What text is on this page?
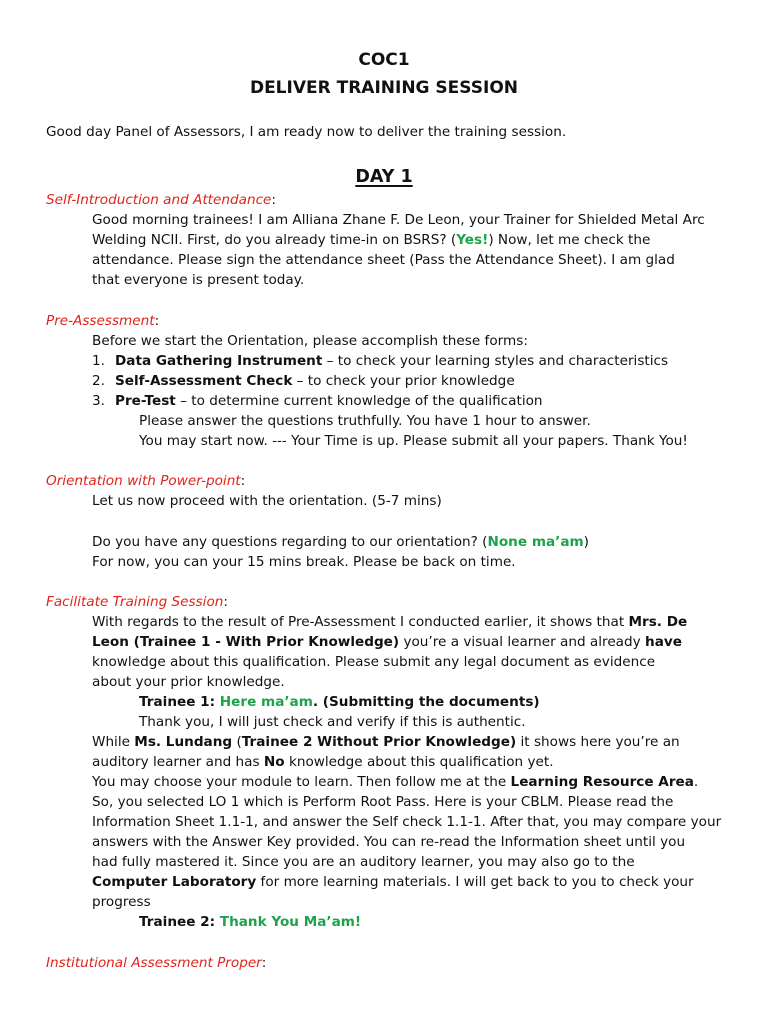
COC1
DELIVER TRAINING SESSION
Good day Panel of Assessors, I am ready now to deliver the training session.
DAY 1
Self-Introduction and Attendance:
Good morning trainees! I am Alliana Zhane F. De Leon, your Trainer for Shielded Metal Arc
Welding NCII. First, do you already time-in on BSRS? (Yes!) Now, let me check the
attendance. Please sign the attendance sheet (Pass the Attendance Sheet). I am glad
that everyone is present today.
Pre-Assessment:
Before we start the Orientation, please accomplish these forms:
1. Data Gathering Instrument – to check your learning styles and characteristics
2. Self-Assessment Check – to check your prior knowledge
3. Pre-Test – to determine current knowledge of the qualification
Please answer the questions truthfully. You have 1 hour to answer.
You may start now. --- Your Time is up. Please submit all your papers. Thank You!
Orientation with Power-point:
Let us now proceed with the orientation. (5-7 mins)
Do you have any questions regarding to our orientation? (None ma’am)
For now, you can your 15 mins break. Please be back on time.
Facilitate Training Session:
With regards to the result of Pre-Assessment I conducted earlier, it shows that Mrs. De
Leon (Trainee 1 - With Prior Knowledge) you’re a visual learner and already have
knowledge about this qualification. Please submit any legal document as evidence
about your prior knowledge.
Trainee 1: Here ma’am. (Submitting the documents)
Thank you, I will just check and verify if this is authentic.
While Ms. Lundang (Trainee 2 Without Prior Knowledge) it shows here you’re an
auditory learner and has No knowledge about this qualification yet.
You may choose your module to learn. Then follow me at the Learning Resource Area.
So, you selected LO 1 which is Perform Root Pass. Here is your CBLM. Please read the
Information Sheet 1.1-1, and answer the Self check 1.1-1. After that, you may compare your
answers with the Answer Key provided. You can re-read the Information sheet until you
had fully mastered it. Since you are an auditory learner, you may also go to the
Computer Laboratory for more learning materials. I will get back to you to check your
progress
Trainee 2: Thank You Ma’am!
Institutional Assessment Proper:
